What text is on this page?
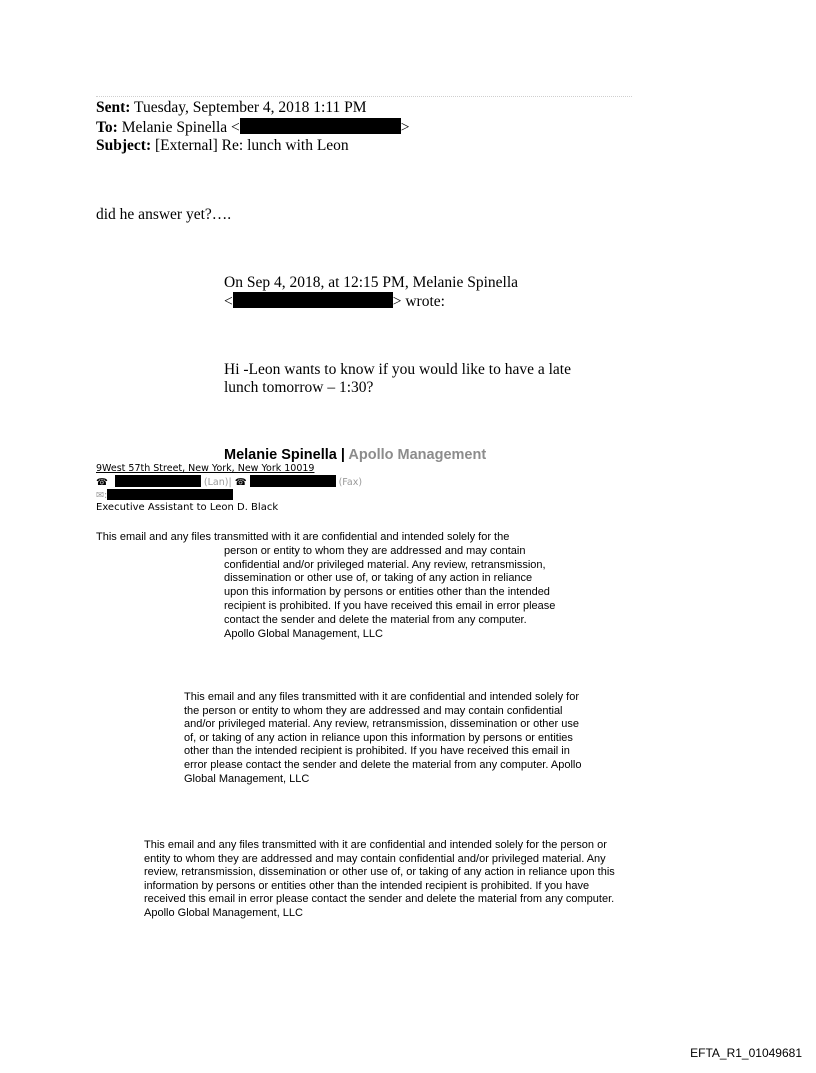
Sent: Tuesday, September 4, 2018 1:11 PM
To: Melanie Spinella <	>
Subject: [External] Re: lunch with Leon
did he answer yet?….
On Sep 4, 2018, at 12:15 PM, Melanie Spinella
<	> wrote:
Hi -Leon wants to know if you would like to have a late
lunch tomorrow – 1:30?
Melanie Spinella | Apollo Management
9West 57th Street, New York, New York 10019
☎	(Lan)| ☎	(Fax)
✉:
Executive Assistant to Leon D. Black
This email and any files transmitted with it are confidential and intended solely for the
person or entity to whom they are addressed and may contain
confidential and/or privileged material. Any review, retransmission,
dissemination or other use of, or taking of any action in reliance
upon this information by persons or entities other than the intended
recipient is prohibited. If you have received this email in error please
contact the sender and delete the material from any computer.
Apollo Global Management, LLC
This email and any files transmitted with it are confidential and intended solely for
the person or entity to whom they are addressed and may contain confidential
and/or privileged material. Any review, retransmission, dissemination or other use
of, or taking of any action in reliance upon this information by persons or entities
other than the intended recipient is prohibited. If you have received this email in
error please contact the sender and delete the material from any computer. Apollo
Global Management, LLC
This email and any files transmitted with it are confidential and intended solely for the person or
entity to whom they are addressed and may contain confidential and/or privileged material. Any
review, retransmission, dissemination or other use of, or taking of any action in reliance upon this
information by persons or entities other than the intended recipient is prohibited. If you have
received this email in error please contact the sender and delete the material from any computer.
Apollo Global Management, LLC
EFTA_R1_01049681
